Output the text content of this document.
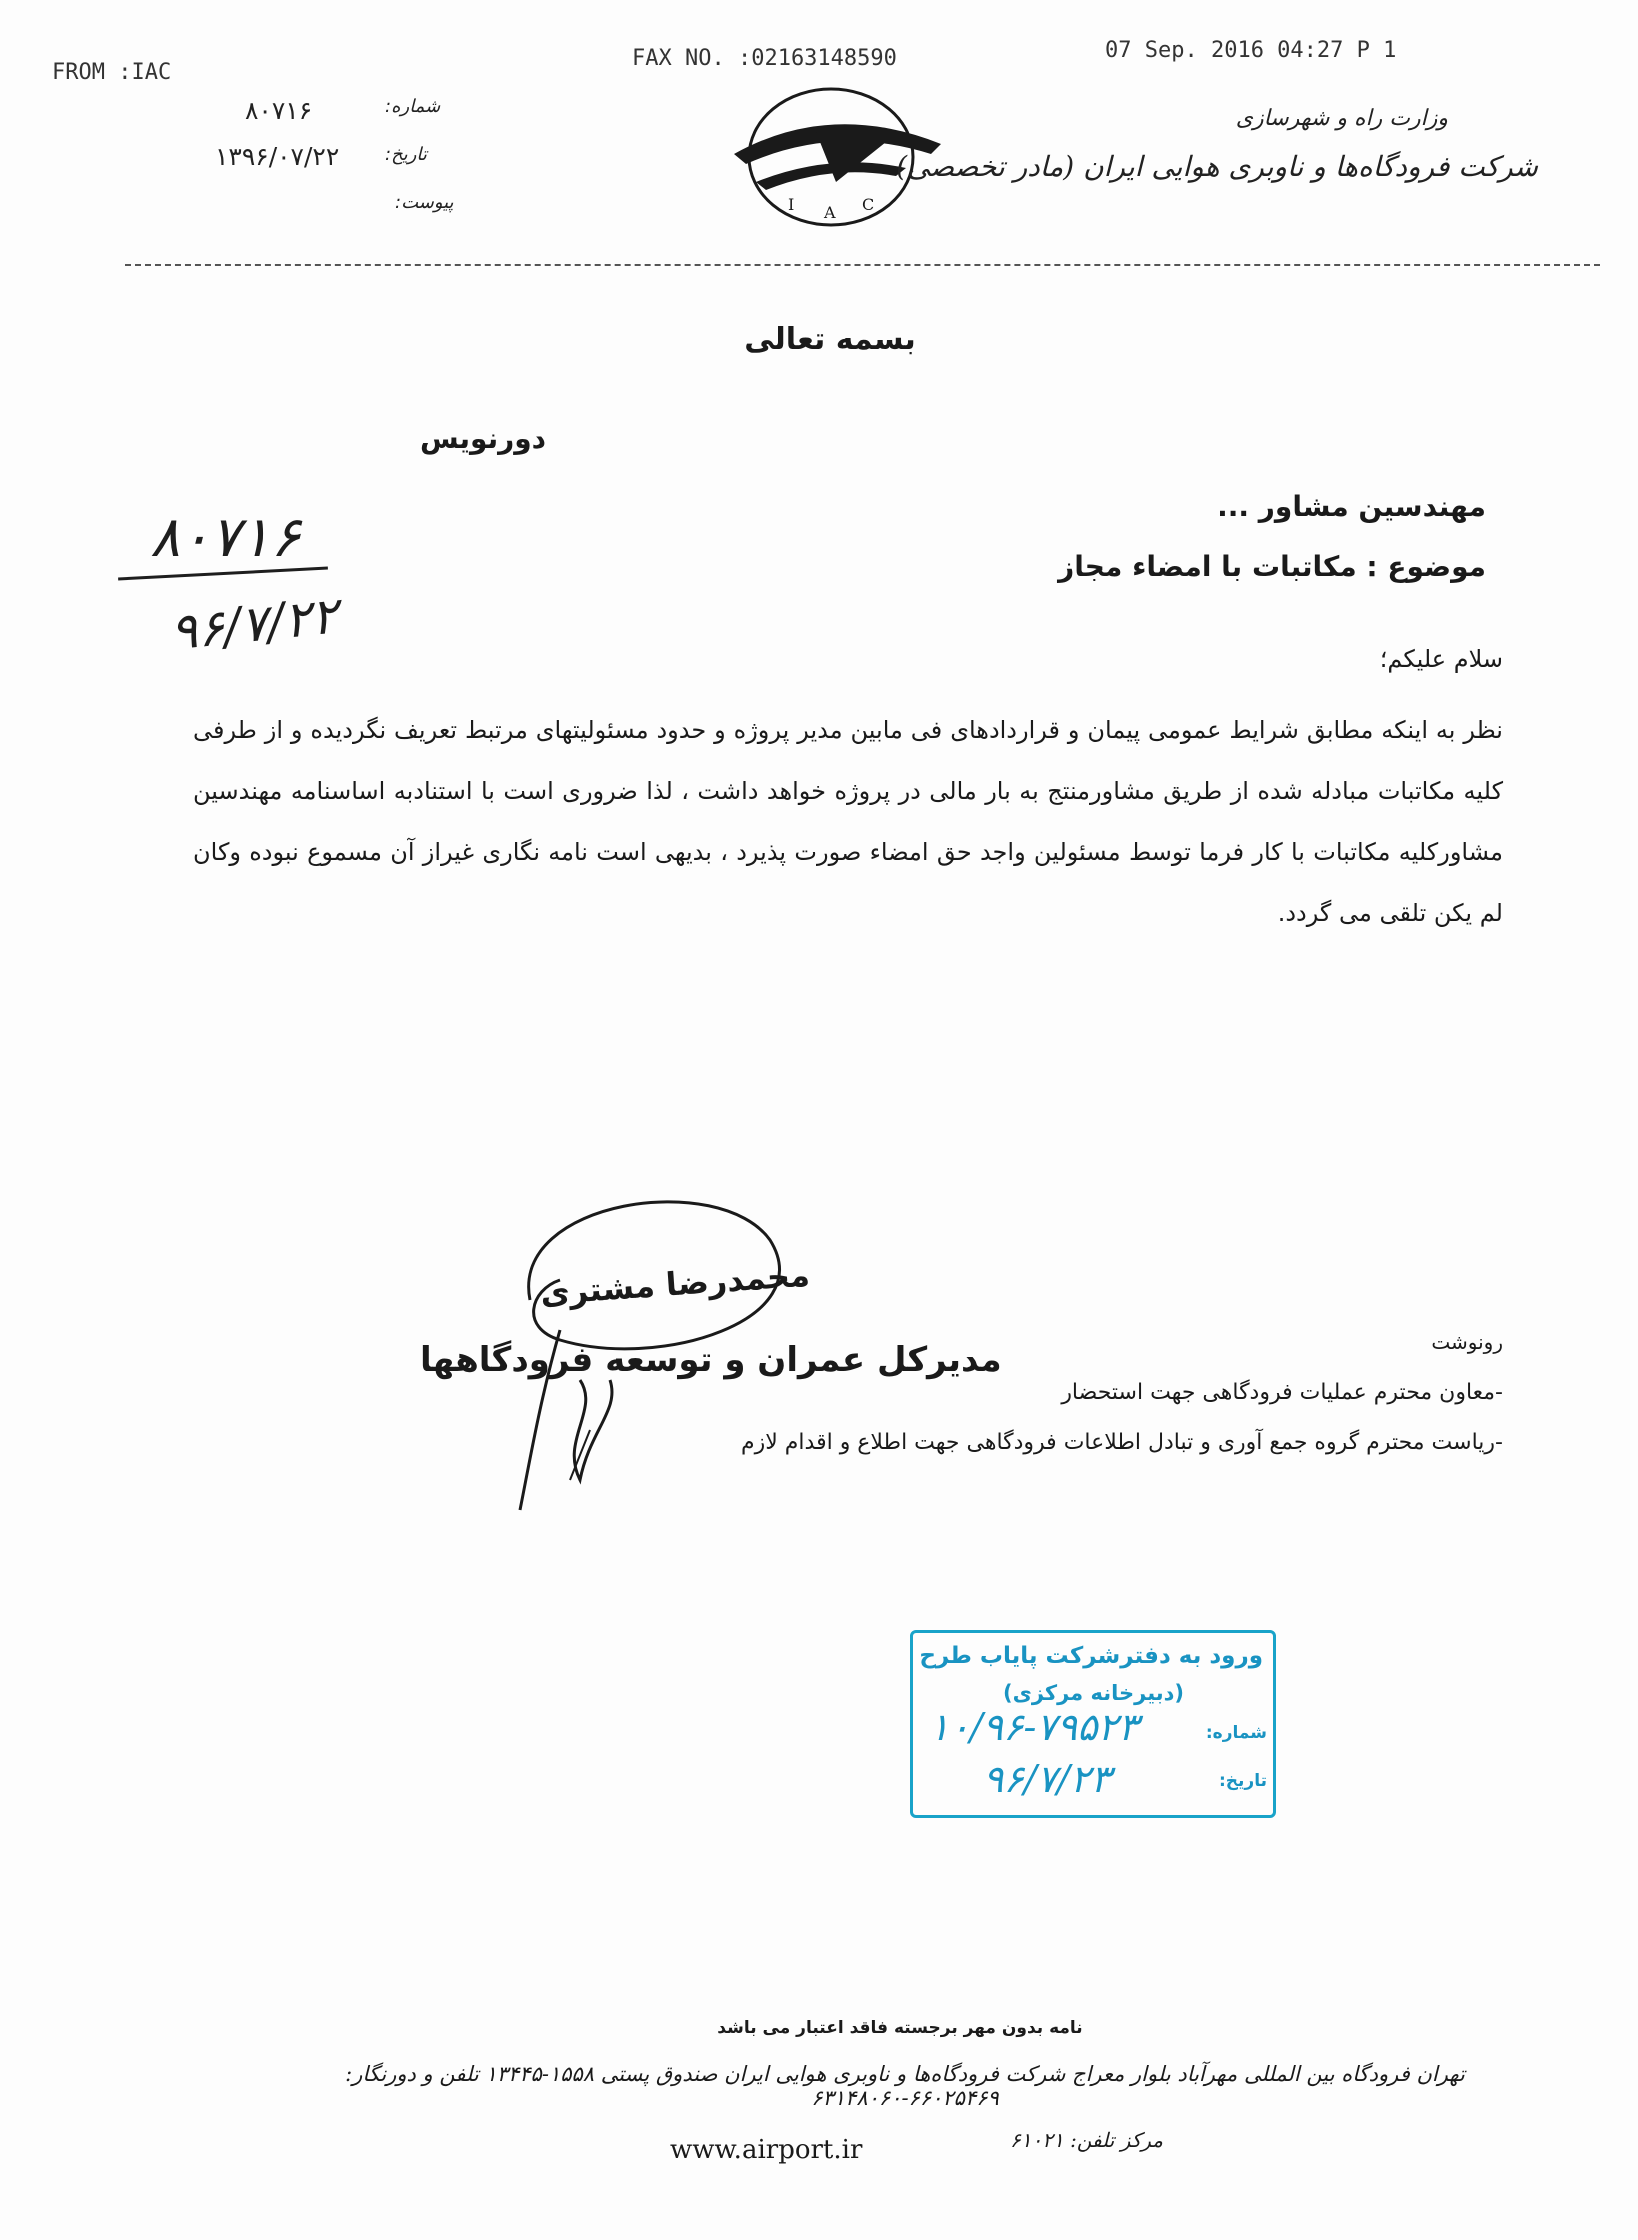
FROM :IAC
FAX NO. :02163148590	07 Sep. 2016 04:27 P 1
شماره:
۸۰۷۱۶
تاریخ:
۱۳۹۶/۰۷/۲۲
پیوست:	I A C
وزارت راه و شهرسازی
شرکت فرودگاه‌ها و ناوبری هوایی ایران (مادر تخصصی)
بسمه تعالی
دورنویس
مهندسین مشاور ...
موضوع : مکاتبات با امضاء مجاز
۸۰۷۱۶
۹۶/۷/۲۲	سلام علیکم؛
نظر به اینکه مطابق شرایط عمومی پیمان و قراردادهای فی مابین مدیر پروژه و حدود مسئولیتهای مرتبط تعریف نگردیده و از طرفی کلیه مکاتبات مبادله شده از طریق مشاورمنتج به بار مالی در پروژه خواهد داشت ، لذا ضروری است با استنادبه اساسنامه مهندسین مشاورکلیه مکاتبات با کار فرما توسط مسئولین واجد حق امضاء صورت پذیرد ، بدیهی است نامه نگاری غیراز آن مسموع نبوده وکان لم یکن تلقی می گردد.
محمدرضا مشتری
مدیرکل عمران و توسعه فرودگاهها	رونوشت
-معاون محترم عملیات فرودگاهی جهت استحضار
-ریاست محترم گروه جمع آوری و تبادل اطلاعات فرودگاهی جهت اطلاع و اقدام لازم
ورود به دفترشرکت پایاب طرح
(دبیرخانه مرکزی)
شماره:
۱۰/۹۶-۷۹۵۲۳
تاریخ:
۹۶/۷/۲۳
نامه بدون مهر برجسته فاقد اعتبار می باشد
تهران فرودگاه بین المللی مهرآباد بلوار معراج شرکت فرودگاه‌ها و ناوبری هوایی ایران صندوق پستی ۱۵۵۸-۱۳۴۴۵ تلفن و دورنگار: ۶۶۰۲۵۴۶۹-۶۳۱۴۸۰۶۰
www.airport.ir	مرکز تلفن: ۶۱۰۲۱
